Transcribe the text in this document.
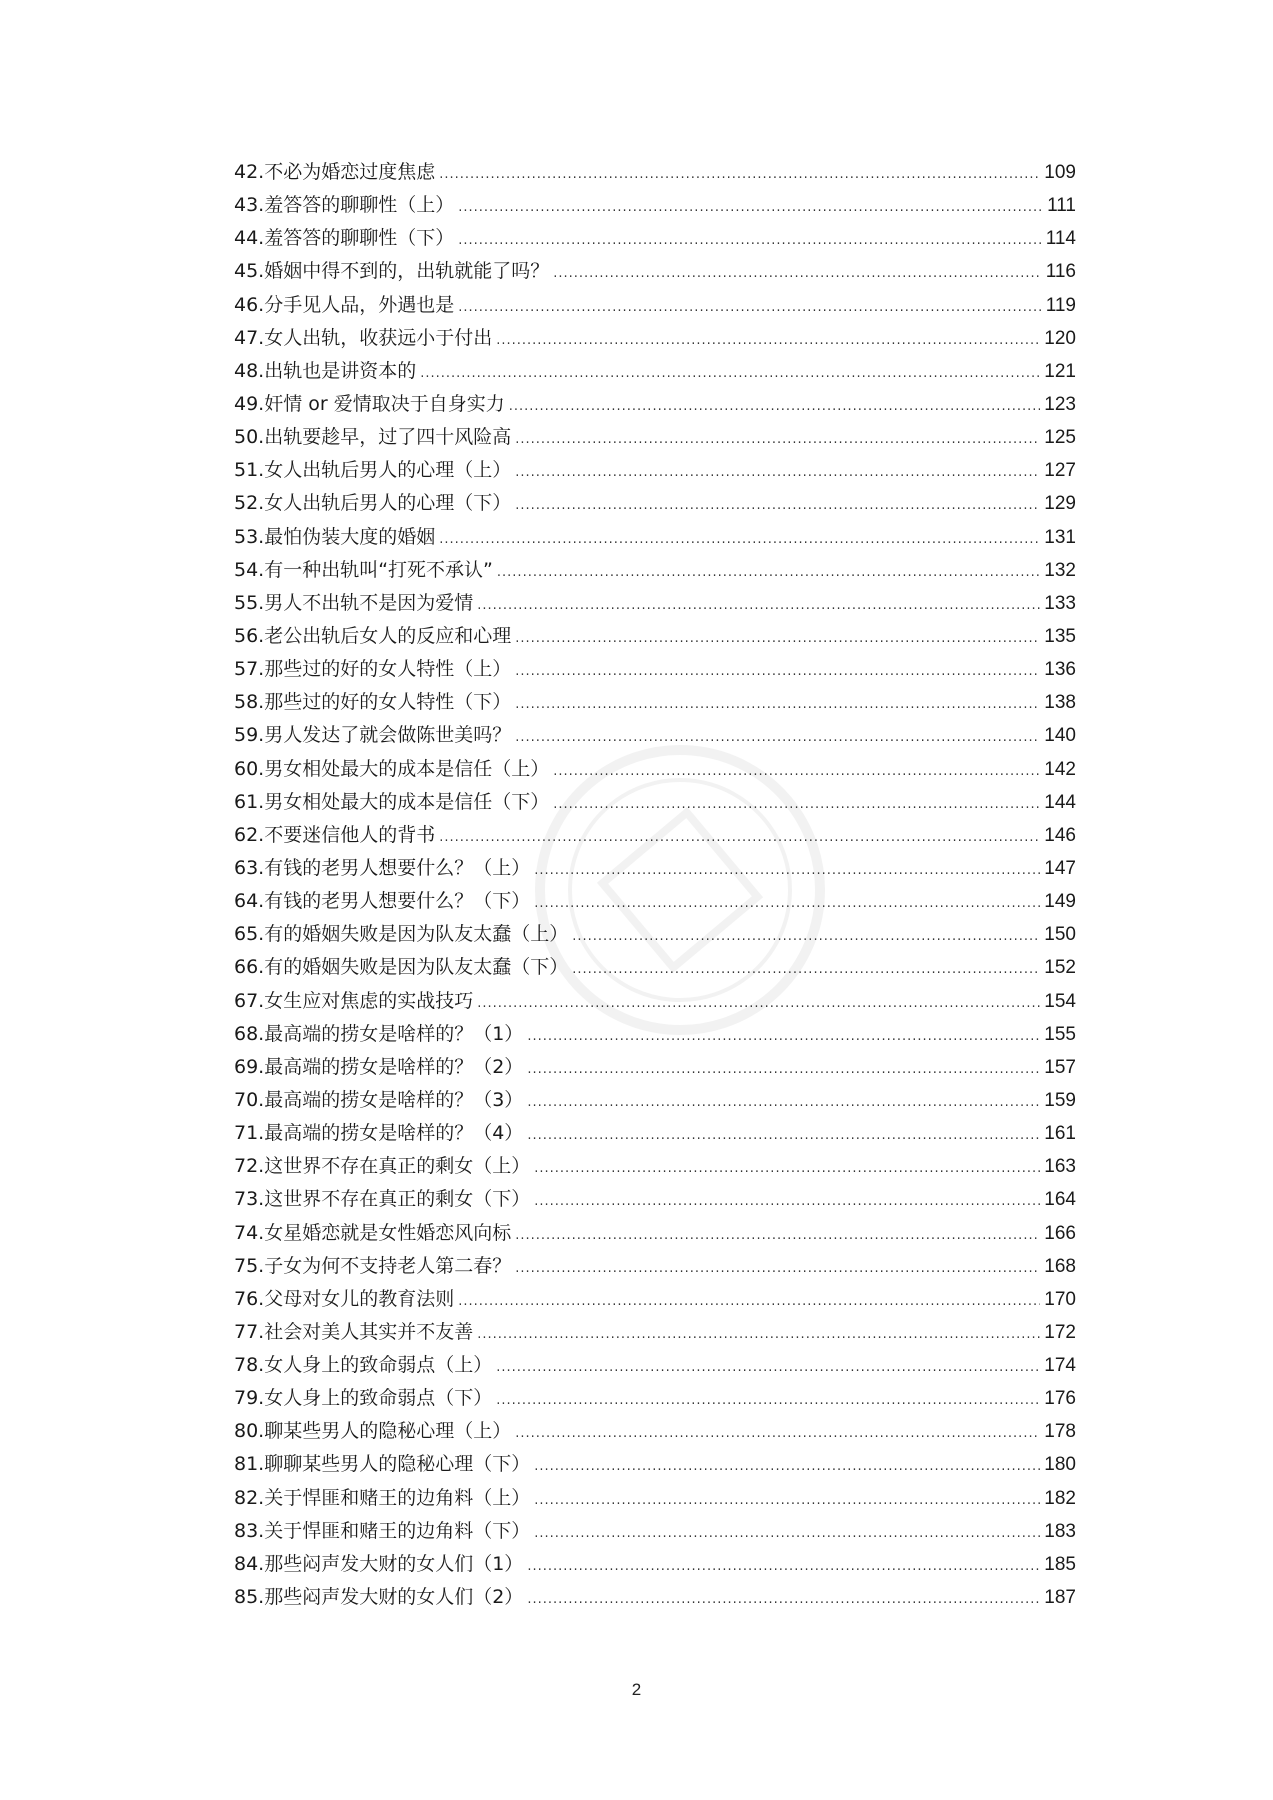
42.不必为婚恋过度焦虑 .....	109
43.羞答答的聊聊性（上） .....	111
44.羞答答的聊聊性（下） .....	114
45.婚姻中得不到的，出轨就能了吗？ .....	116
46.分手见人品，外遇也是 .....	119
47.女人出轨，收获远小于付出 .....	120
48.出轨也是讲资本的 .....	121
49.奸情 or 爱情取决于自身实力 .....	123
50.出轨要趁早，过了四十风险高 .....	125
51.女人出轨后男人的心理（上） .....	127
52.女人出轨后男人的心理（下） .....	129
53.最怕伪装大度的婚姻 .....	131
54.有一种出轨叫“打死不承认” .....	132
55.男人不出轨不是因为爱情 .....	133
56.老公出轨后女人的反应和心理 .....	135
57.那些过的好的女人特性（上） .....	136
58.那些过的好的女人特性（下） .....	138
59.男人发达了就会做陈世美吗？ .....	140
60.男女相处最大的成本是信任（上） .....	142
61.男女相处最大的成本是信任（下） .....	144
62.不要迷信他人的背书 .....	146
63.有钱的老男人想要什么？（上） .....	147
64.有钱的老男人想要什么？（下） .....	149
65.有的婚姻失败是因为队友太蠢（上） .....	150
66.有的婚姻失败是因为队友太蠢（下） .....	152
67.女生应对焦虑的实战技巧 .....	154
68.最高端的捞女是啥样的？（1） .....	155
69.最高端的捞女是啥样的？（2） .....	157
70.最高端的捞女是啥样的？（3） .....	159
71.最高端的捞女是啥样的？（4） .....	161
72.这世界不存在真正的剩女（上） .....	163
73.这世界不存在真正的剩女（下） .....	164
74.女星婚恋就是女性婚恋风向标 .....	166
75.子女为何不支持老人第二春？ .....	168
76.父母对女儿的教育法则 .....	170
77.社会对美人其实并不友善 .....	172
78.女人身上的致命弱点（上） .....	174
79.女人身上的致命弱点（下） .....	176
80.聊某些男人的隐秘心理（上） .....	178
81.聊聊某些男人的隐秘心理（下） .....	180
82.关于悍匪和赌王的边角料（上） .....	182
83.关于悍匪和赌王的边角料（下） .....	183
84.那些闷声发大财的女人们（1） .....	185
85.那些闷声发大财的女人们（2） .....	187
2
